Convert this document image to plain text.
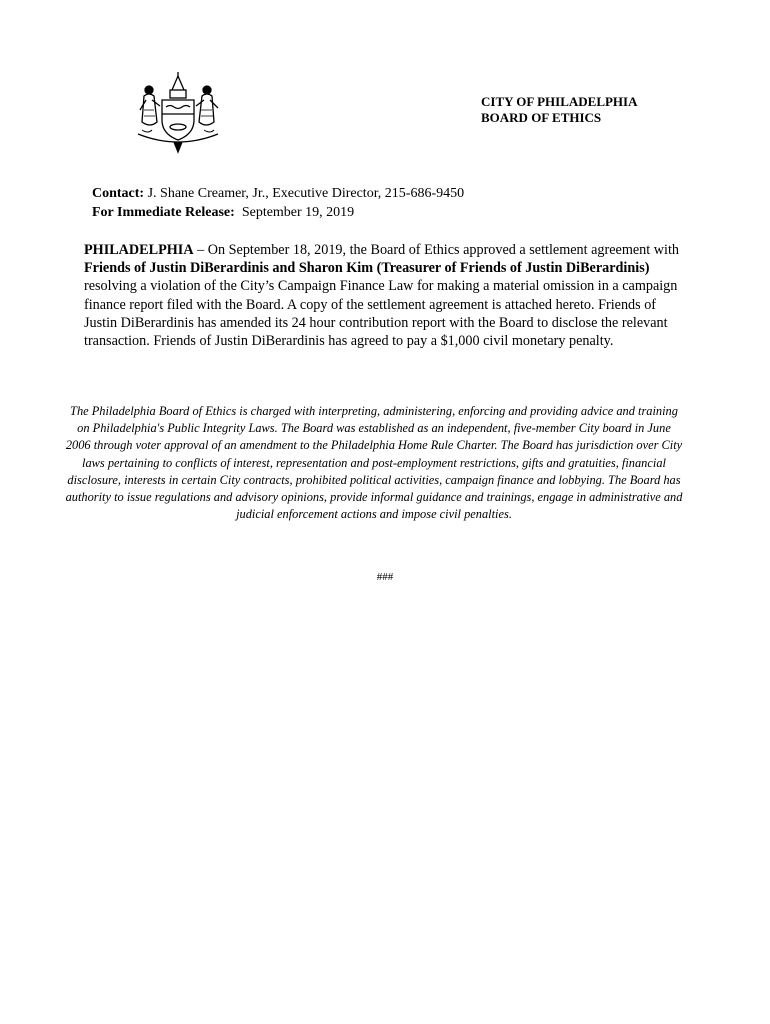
CITY OF PHILADELPHIA
BOARD OF ETHICS
Contact: J. Shane Creamer, Jr., Executive Director, 215-686-9450
For Immediate Release:  September 19, 2019
PHILADELPHIA – On September 18, 2019, the Board of Ethics approved a settlement agreement with Friends of Justin DiBerardinis and Sharon Kim (Treasurer of Friends of Justin DiBerardinis) resolving a violation of the City’s Campaign Finance Law for making a material omission in a campaign finance report filed with the Board. A copy of the settlement agreement is attached hereto. Friends of Justin DiBerardinis has amended its 24 hour contribution report with the Board to disclose the relevant transaction. Friends of Justin DiBerardinis has agreed to pay a $1,000 civil monetary penalty.
The Philadelphia Board of Ethics is charged with interpreting, administering, enforcing and providing advice and training on Philadelphia's Public Integrity Laws. The Board was established as an independent, five-member City board in June 2006 through voter approval of an amendment to the Philadelphia Home Rule Charter. The Board has jurisdiction over City laws pertaining to conflicts of interest, representation and post-employment restrictions, gifts and gratuities, financial disclosure, interests in certain City contracts, prohibited political activities, campaign finance and lobbying. The Board has authority to issue regulations and advisory opinions, provide informal guidance and trainings, engage in administrative and judicial enforcement actions and impose civil penalties.
###
